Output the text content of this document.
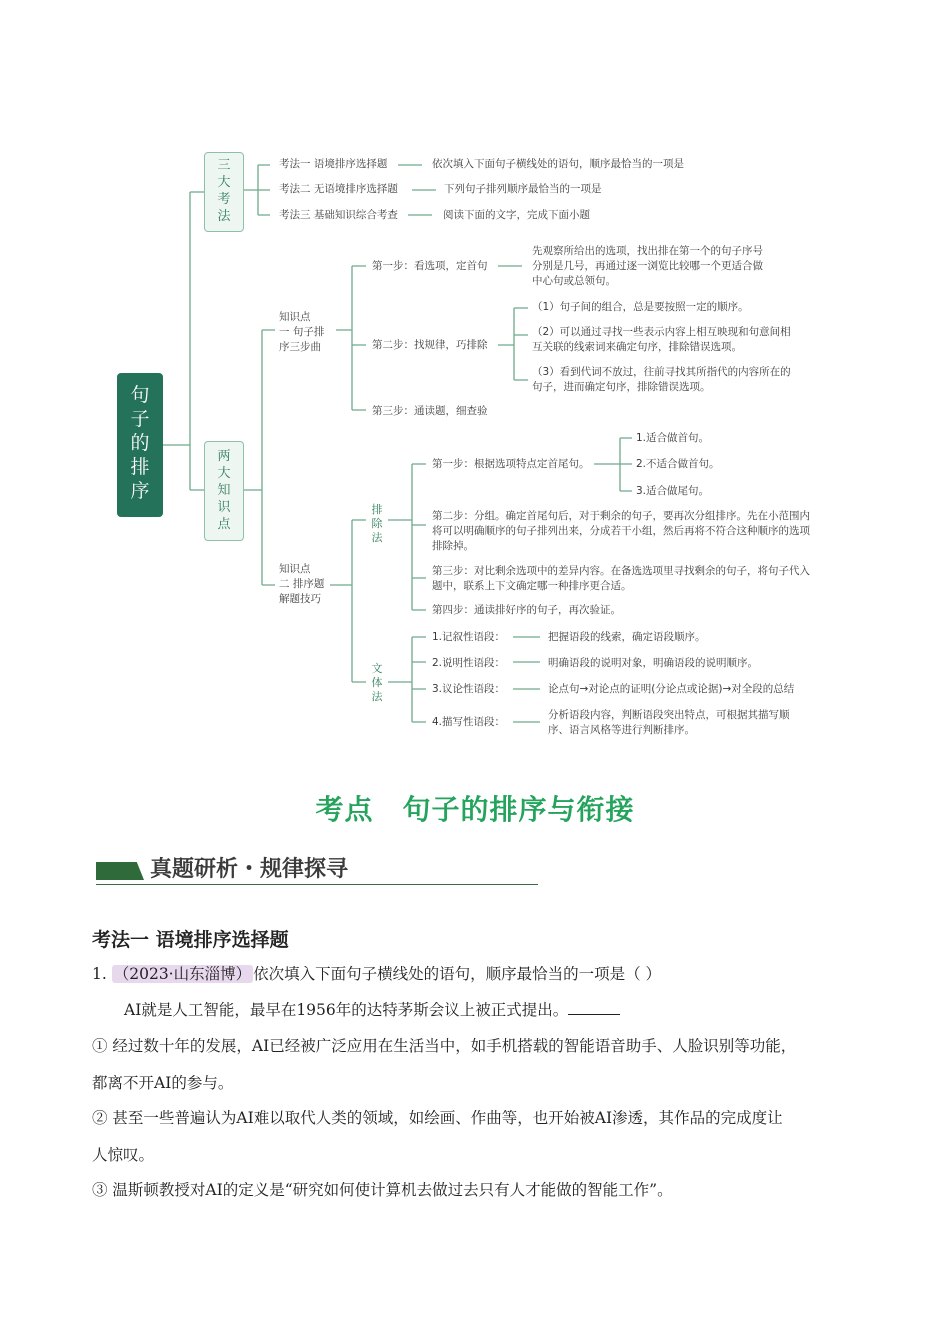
句子的排序
三大考法
考法一 语境排序选择题	依次填入下面句子横线处的语句，顺序最恰当的一项是
考法二 无语境排序选择题	下列句子排列顺序最恰当的一项是
考法三 基础知识综合考查	阅读下面的文字，完成下面小题
两大知识点
知识点
一 句子排
序三步曲
第一步：看选项，定首句
先观察所给出的选项，找出排在第一个的句子序号分别是几号，再通过逐一浏览比较哪一个更适合做中心句或总领句。
第二步：找规律，巧排除
（1）句子间的组合，总是要按照一定的顺序。
（2）可以通过寻找一些表示内容上相互映现和句意间相互关联的线索词来确定句序，排除错误选项。
（3）看到代词不放过，往前寻找其所指代的内容所在的句子，进而确定句序，排除错误选项。
第三步：通读题，细查验
知识点
二 排序题
解题技巧
排除法
第一步：根据选项特点定首尾句。
1.适合做首句。
2.不适合做首句。
3.适合做尾句。
第二步：分组。确定首尾句后，对于剩余的句子，要再次分组排序。先在小范围内将可以明确顺序的句子排列出来，分成若干小组，然后再将不符合这种顺序的选项排除掉。
第三步：对比剩余选项中的差异内容。在备选选项里寻找剩余的句子，将句子代入题中，联系上下文确定哪一种排序更合适。
第四步：通读排好序的句子，再次验证。
文体法
1.记叙性语段： —— 把握语段的线索，确定语段顺序。
2.说明性语段：	明确语段的说明对象，明确语段的说明顺序。
3.议论性语段：	论点句→对论点的证明(分论点或论据)→对全段的总结
4.描写性语段：
分析语段内容，判断语段突出特点，可根据其描写顺序、语言风格等进行判断排序。
考点　句子的排序与衔接
真题研析・规律探寻
考法一 语境排序选择题
1. （2023·山东淄博） 依次填入下面句子横线处的语句，顺序最恰当的一项是（ ）
AI就是人工智能，最早在1956年的达特茅斯会议上被正式提出。
① 经过数十年的发展，AI已经被广泛应用在生活当中，如手机搭载的智能语音助手、人脸识别等功能，
都离不开AI的参与。
② 甚至一些普遍认为AI难以取代人类的领域，如绘画、作曲等，也开始被AI渗透，其作品的完成度让
人惊叹。
③ 温斯顿教授对AI的定义是“研究如何使计算机去做过去只有人才能做的智能工作”。
